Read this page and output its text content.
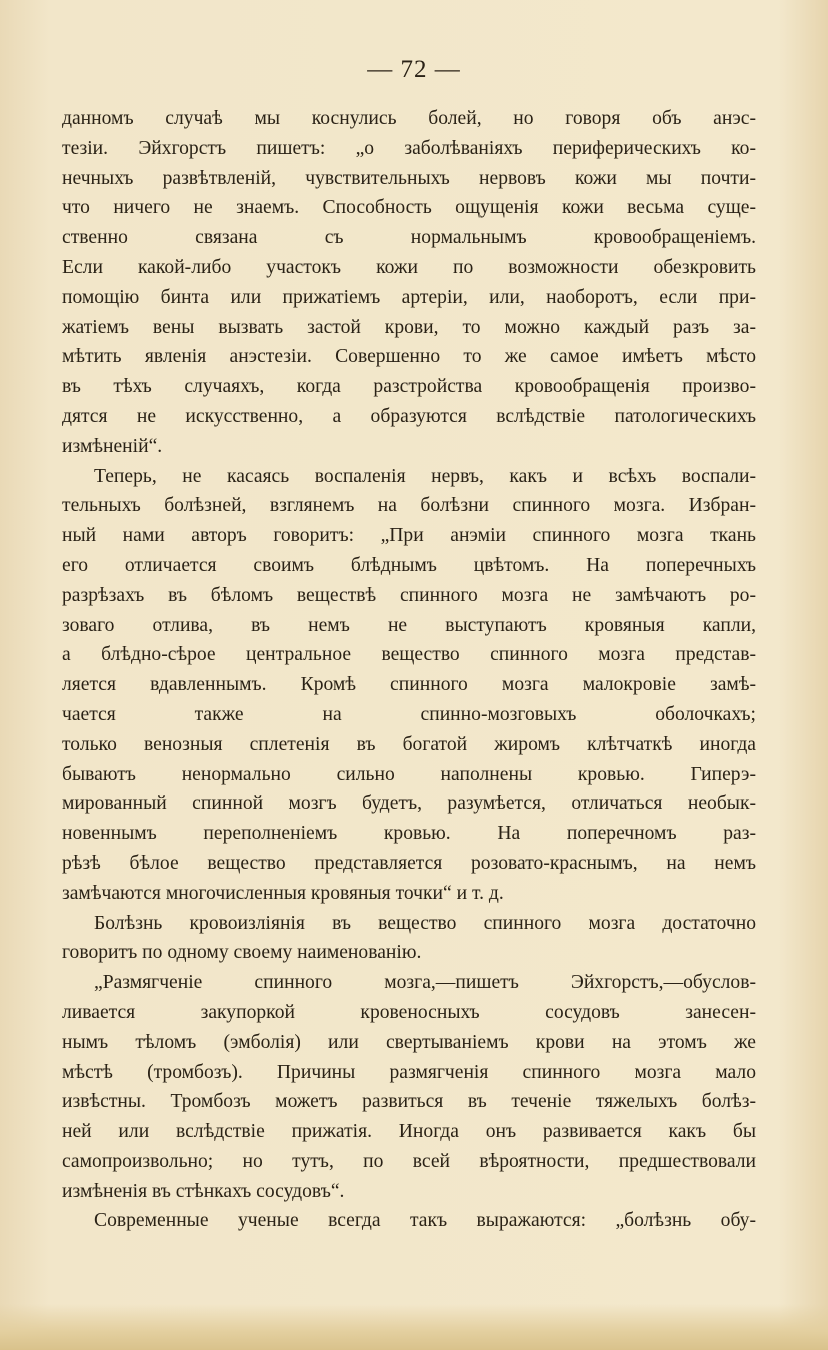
— 72 —
данномъ случаѣ мы коснулись болей, но говоря объ анэс-
тезіи. Эйхгорстъ пишетъ: „о заболѣваніяхъ периферическихъ ко-
нечныхъ развѣтвленій, чувствительныхъ нервовъ кожи мы почти-
что ничего не знаемъ. Способность ощущенія кожи весьма суще-
ственно связана съ нормальнымъ кровообращеніемъ.
Если какой-либо участокъ кожи по возможности обезкровить
помощію бинта или прижатіемъ артеріи, или, наоборотъ, если при-
жатіемъ вены вызвать застой крови, то можно каждый разъ за-
мѣтить явленія анэстезіи. Совершенно то же самое имѣетъ мѣсто
въ тѣхъ случаяхъ, когда разстройства кровообращенія произво-
дятся не искусственно, а образуются вслѣдствіе патологическихъ
измѣненій“.
Теперь, не касаясь воспаленія нервъ, какъ и всѣхъ воспали-
тельныхъ болѣзней, взглянемъ на болѣзни спинного мозга. Избран-
ный нами авторъ говоритъ: „При анэміи спинного мозга ткань
его отличается своимъ блѣднымъ цвѣтомъ. На поперечныхъ
разрѣзахъ въ бѣломъ веществѣ спинного мозга не замѣчаютъ ро-
зоваго отлива, въ немъ не выступаютъ кровяныя капли,
а блѣдно-сѣрое центральное вещество спинного мозга представ-
ляется вдавленнымъ. Кромѣ спинного мозга малокровіе замѣ-
чается также на спинно-мозговыхъ оболочкахъ;
только венозныя сплетенія въ богатой жиромъ клѣтчаткѣ иногда
бываютъ ненормально сильно наполнены кровью. Гиперэ-
мированный спинной мозгъ будетъ, разумѣется, отличаться необык-
новеннымъ переполненіемъ кровью. На поперечномъ раз-
рѣзѣ бѣлое вещество представляется розовато-краснымъ, на немъ
замѣчаются многочисленныя кровяныя точки“ и т. д.
Болѣзнь кровоизліянія въ вещество спинного мозга достаточно
говоритъ по одному своему наименованію.
„Размягченіе спинного мозга,—пишетъ Эйхгорстъ,—обуслов-
ливается закупоркой кровеносныхъ сосудовъ занесен-
нымъ тѣломъ (эмболія) или свертываніемъ крови на этомъ же
мѣстѣ (тромбозъ). Причины размягченія спинного мозга мало
извѣстны. Тромбозъ можетъ развиться въ теченіе тяжелыхъ болѣз-
ней или вслѣдствіе прижатія. Иногда онъ развивается какъ бы
самопроизвольно; но тутъ, по всей вѣроятности, предшествовали
измѣненія въ стѣнкахъ сосудовъ“.
Современные ученые всегда такъ выражаются: „болѣзнь обу-
